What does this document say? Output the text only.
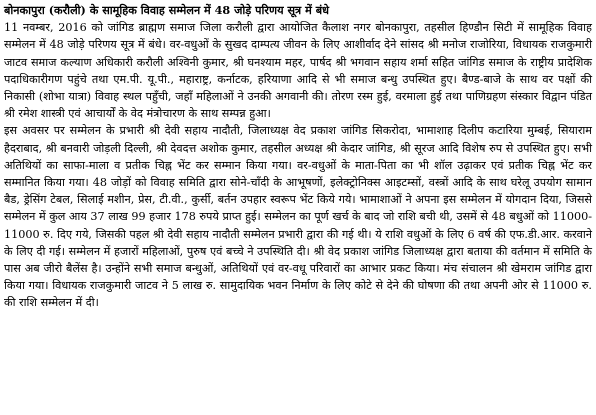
बोनकापुरा (करौली) के सामूहिक विवाह सम्मेलन में 48 जोड़े परिणय सूत्र में बंधे

11 नवम्बर, 2016 को जांगिड ब्राह्मण समाज जिला करौली द्वारा आयोजित कैलाश नगर बोनकापुरा, तहसील हिण्डौन सिटी में सामूहिक विवाह सम्मेलन में 48 जोड़े परिणय सूत्र में बंधे। वर-वधुओं के सुखद दाम्पत्य जीवन के लिए आशीर्वाद देने सांसद श्री मनोज राजोरिया, विधायक राजकुमारी जाटव समाज कल्याण अधिकारी करौली अश्विनी कुमार, श्री घनश्याम महर, पार्षद श्री भगवान सहाय शर्मा सहित जांगिड समाज के राष्ट्रीय प्रादेशिक पदाधिकारीगण पहुंचे तथा एम.पी. यू.पी., महाराष्ट्र, कर्नाटक, हरियाणा आदि से भी समाज बन्धु उपस्थित हुए। बैण्ड-बाजे के साथ वर पक्षों की निकासी (शोभा यात्रा) विवाह स्थल पहुँची, जहाँ महिलाओं ने उनकी अगवानी की। तोरण रस्म हुई, वरमाला हुई तथा पाणिग्रहण संस्कार विद्वान पंडित श्री रमेश शास्त्री एवं आचार्यों के वेद मंत्रोचारण के साथ सम्पन्न हुआ।

इस अवसर पर सम्मेलन के प्रभारी श्री देवी सहाय नादौती, जिलाध्यक्ष वेद प्रकाश जांगिड सिकरोदा, भामाशाह दिलीप कटारिया मुम्बई, सियाराम हैदराबाद, श्री बनवारी जोड़ली दिल्ली, श्री देवदत्त अशोक कुमार, तहसील अध्यक्ष श्री केदार जांगिड, श्री सूरज आदि विशेष रुप से उपस्थित हुए। सभी अतिथियों का साफा-माला व प्रतीक चिह्न भेंट कर सम्मान किया गया। वर-वधुओं के माता-पिता का भी शॉल उढ़ाकर एवं प्रतीक चिह्न भेंट कर सम्मानित किया गया। 48 जोड़ों को विवाह समिति द्वारा सोने-चाँदी के आभूषणों, इलेक्ट्रोनिक्स आइटम्सों, वस्त्रों आदि के साथ घरेलू उपयोग सामान बैड, ड्रेसिंग टेबल, सिलाई मशीन, प्रेस, टी.वी., कुर्सी, बर्तन उपहार स्वरूप भेंट किये गये। भामाशाओं ने अपना इस सम्मेलन में योगदान दिया, जिससे सम्मेलन में कुल आय 37 लाख 99 हजार 178 रुपये प्राप्त हुई। सम्मेलन का पूर्ण खर्च के बाद जो राशि बची थी, उसमें से 48 बधुओं को 11000-11000 रु. दिए गये, जिसकी पहल श्री देवी सहाय नादौती सम्मेलन प्रभारी द्वारा की गई थी। ये राशि वधुओं के लिए 6 वर्ष की एफ.डी.आर. करवाने के लिए दी गई। सम्मेलन में हजारों महिलाओं, पुरुष एवं बच्चे ने उपस्थिति दी। श्री वेद प्रकाश जांगिड जिलाध्यक्ष द्वारा बताया की वर्तमान में समिति के पास अब जीरो बैलेंस है। उन्होंने सभी समाज बन्धुओं, अतिथियों एवं वर-वधू परिवारों का आभार प्रकट किया। मंच संचालन श्री खेमराम जांगिड द्वारा किया गया। विधायक राजकुमारी जाटव ने 5 लाख रु. सामुदायिक भवन निर्माण के लिए कोटे से देने की घोषणा की तथा अपनी ओर से 11000 रु. की राशि सम्मेलन में दी।
